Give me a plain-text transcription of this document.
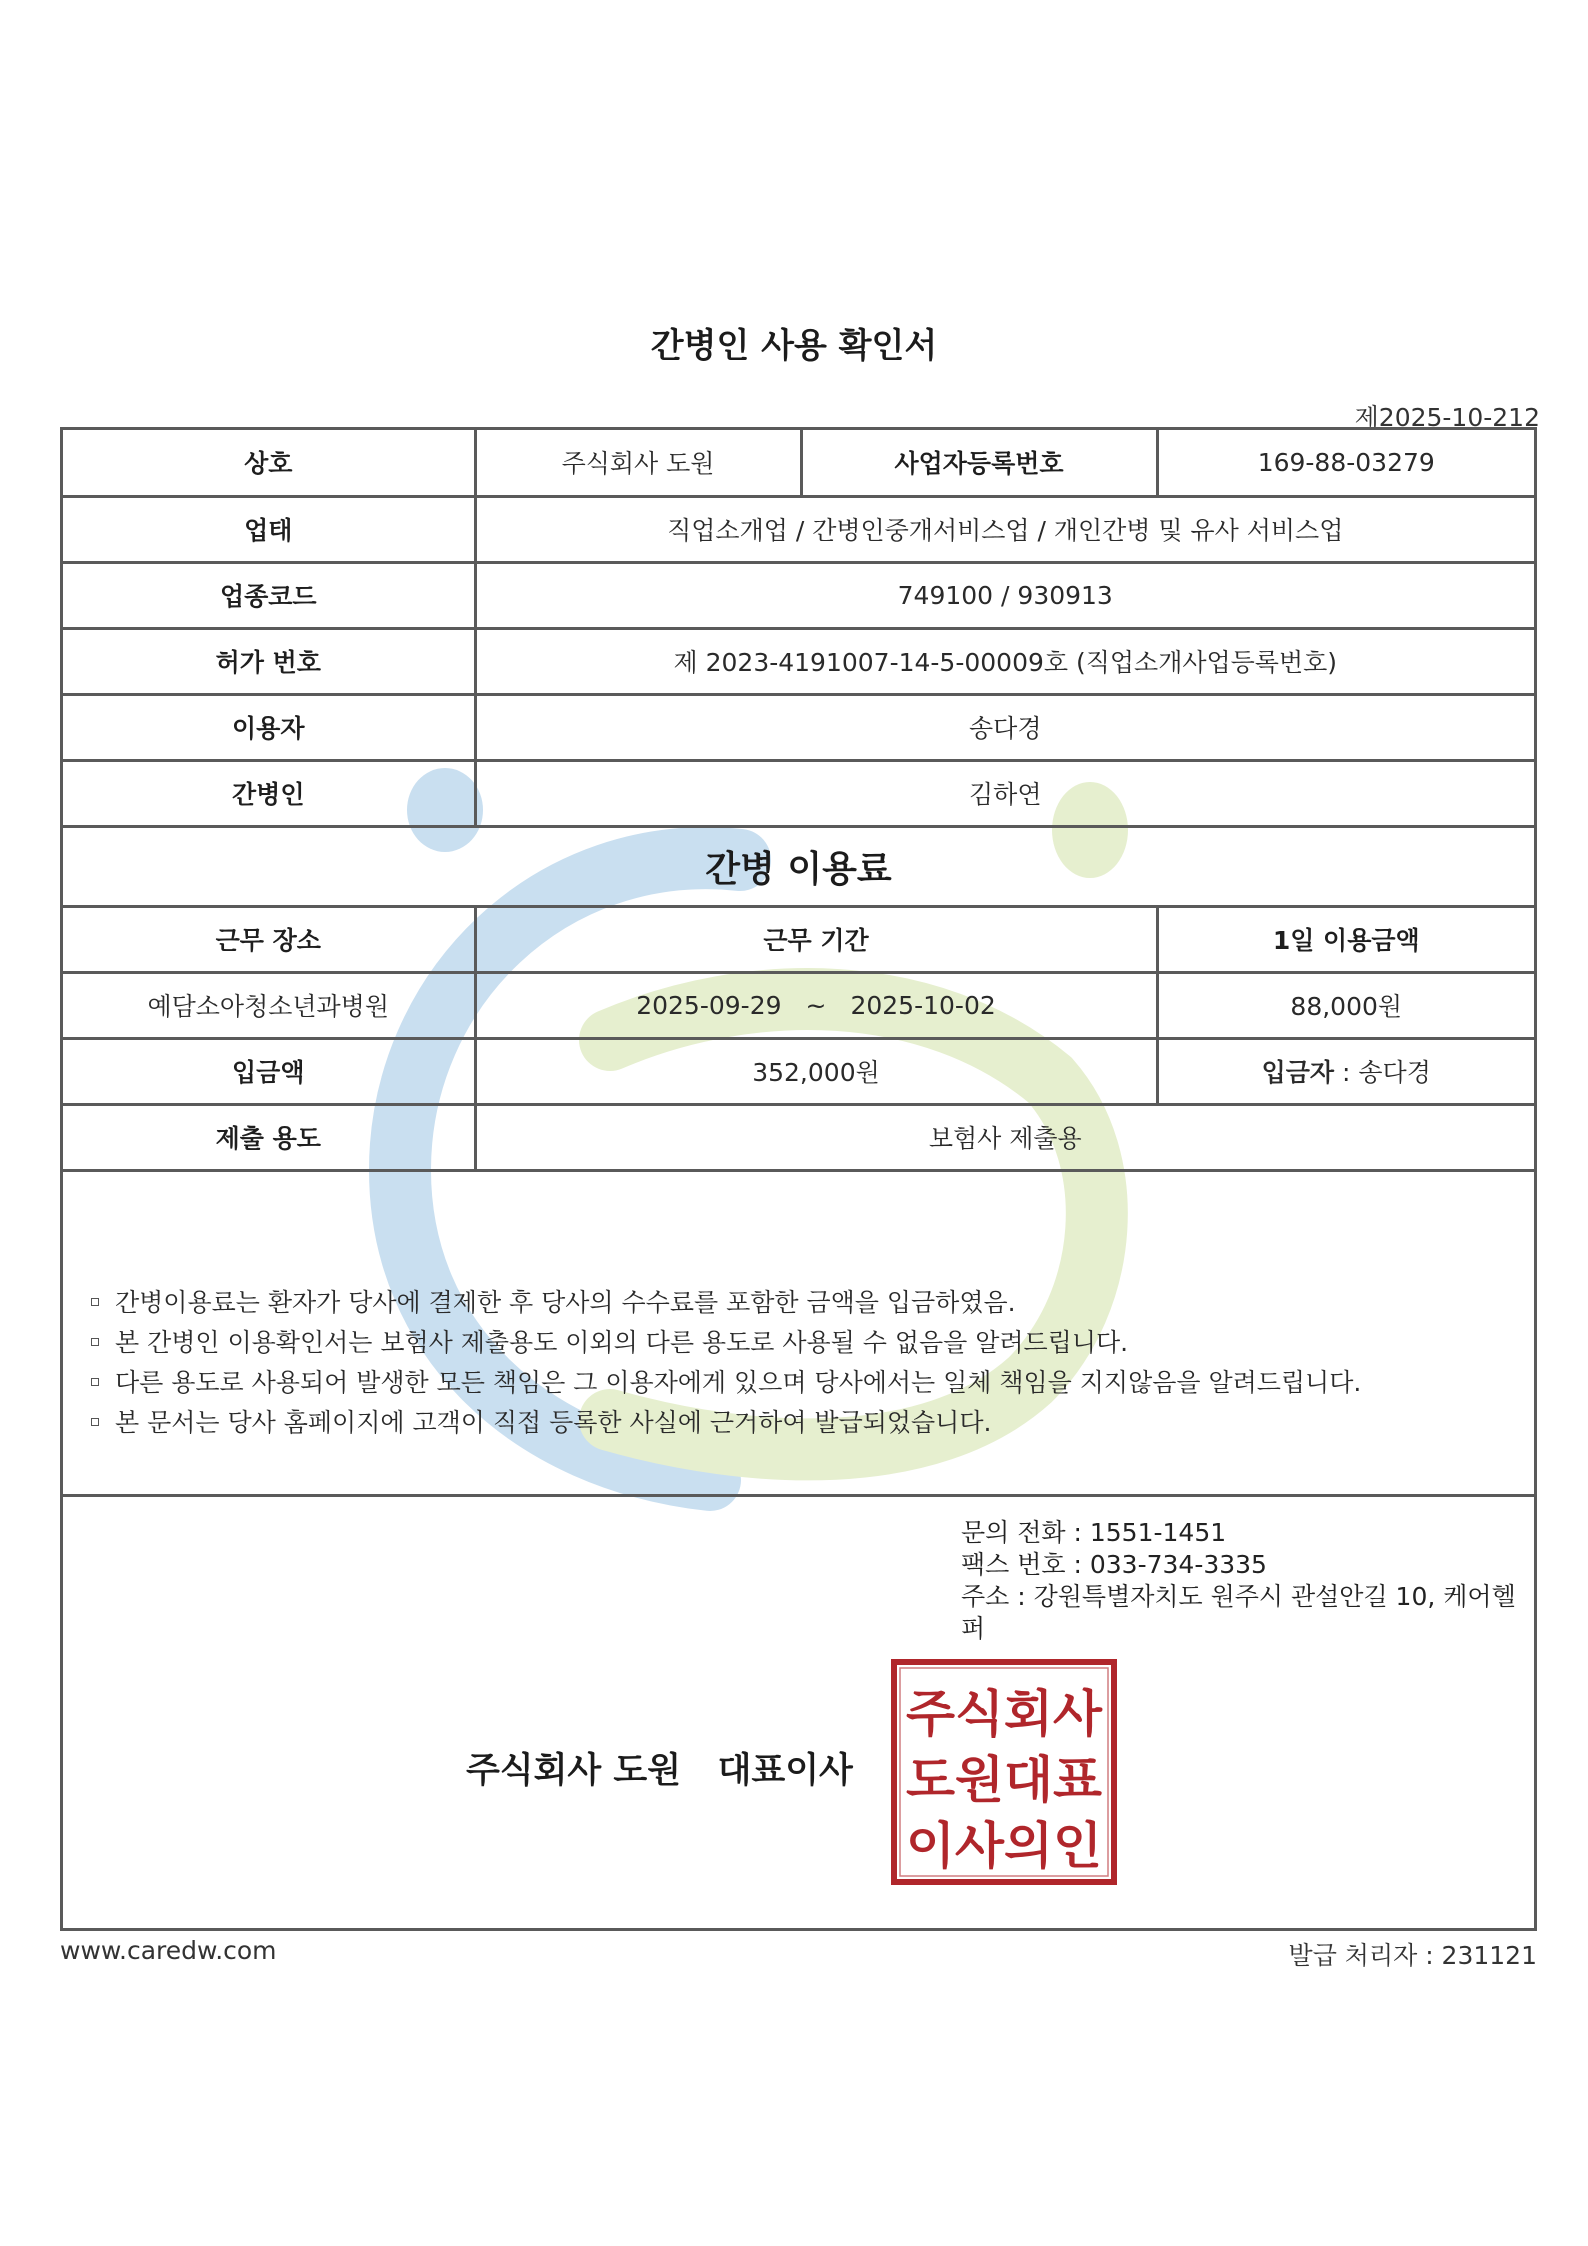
간병인 사용 확인서
제2025-10-212
상호	주식회사 도원	사업자등록번호	169-88-03279
업태	직업소개업 / 간병인중개서비스업 / 개인간병 및 유사 서비스업		
업종코드	749100 / 930913		
허가 번호	제 2023-4191007-14-5-00009호 (직업소개사업등록번호)		
이용자	송다경		
간병인	김하연		
간병 이용료			
근무 장소	근무 기간		1일 이용금액
예담소아청소년과병원	2025-09-29 ~ 2025-10-02		88,000원
입금액	352,000원		입금자 : 송다경
제출 용도	보험사 제출용		
간병이용료는 환자가 당사에 결제한 후 당사의 수수료를 포함한 금액을 입금하였음.
본 간병인 이용확인서는 보험사 제출용도 이외의 다른 용도로 사용될 수 없음을 알려드립니다.
다른 용도로 사용되어 발생한 모든 책임은 그 이용자에게 있으며 당사에서는 일체 책임을 지지않음을 알려드립니다.
본 문서는 당사 홈페이지에 고객이 직접 등록한 사실에 근거하여 발급되었습니다.
문의 전화 : 1551-1451
팩스 번호 : 033-734-3335
주소 : 강원특별자치도 원주시 관설안길 10, 케어헬퍼
주식회사 도원   대표이사
주식회사
도원대표
이사의인
www.caredw.com	발급 처리자 : 231121
